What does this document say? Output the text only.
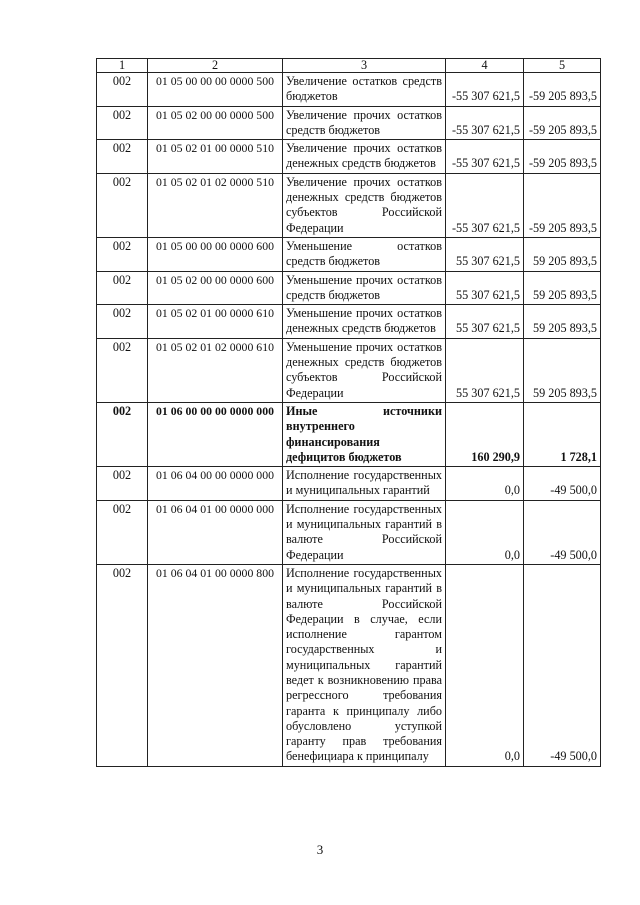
1	2	3	4	5
002	01 05 00 00 00 0000 500	Увеличение остатков средств бюджетов	-55 307 621,5	-59 205 893,5
002	01 05 02 00 00 0000 500	Увеличение прочих остатков средств бюджетов	-55 307 621,5	-59 205 893,5
002	01 05 02 01 00 0000 510	Увеличение прочих остатков денежных средств бюджетов	-55 307 621,5	-59 205 893,5
002	01 05 02 01 02 0000 510	Увеличение прочих остатков денежных средств бюджетов субъектов Российской Федерации	-55 307 621,5	-59 205 893,5
002	01 05 00 00 00 0000 600	Уменьшение остатков средств бюджетов	55 307 621,5	59 205 893,5
002	01 05 02 00 00 0000 600	Уменьшение прочих остатков средств бюджетов	55 307 621,5	59 205 893,5
002	01 05 02 01 00 0000 610	Уменьшение прочих остатков денежных средств бюджетов	55 307 621,5	59 205 893,5
002	01 05 02 01 02 0000 610	Уменьшение прочих остатков денежных средств бюджетов субъектов Российской Федерации	55 307 621,5	59 205 893,5
002	01 06 00 00 00 0000 000	Иные источники внутреннего финансирования дефицитов бюджетов	160 290,9	1 728,1
002	01 06 04 00 00 0000 000	Исполнение государственных и муниципальных гарантий	0,0	-49 500,0
002	01 06 04 01 00 0000 000	Исполнение государственных и муниципальных гарантий в валюте Российской Федерации	0,0	-49 500,0
002	01 06 04 01 00 0000 800	Исполнение государственных и муниципальных гарантий в валюте Российской Федерации в случае, если исполнение гарантом государственных и муниципальных гарантий ведет к возникновению права регрессного требования гаранта к принципалу либо обусловлено уступкой гаранту прав требования бенефициара к принципалу	0,0	-49 500,0
3
